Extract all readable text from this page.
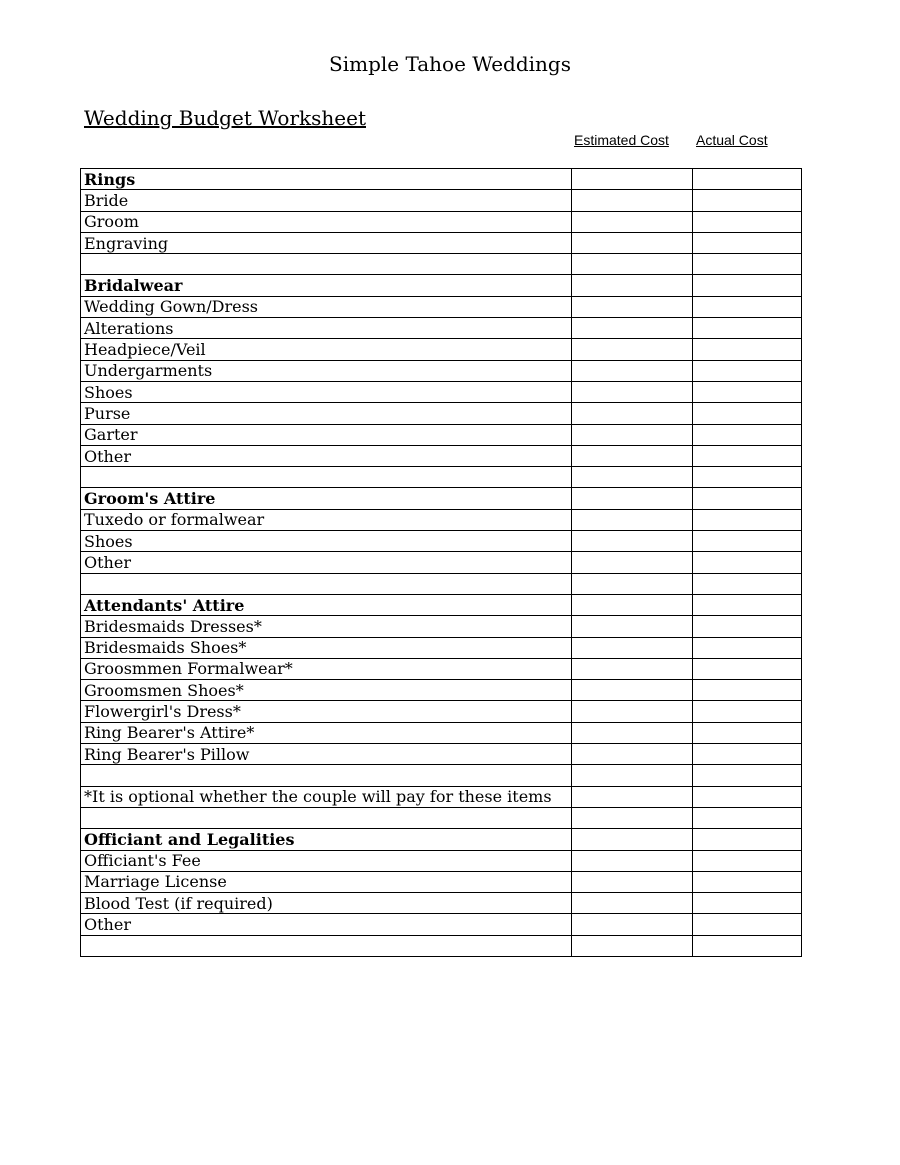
Simple Tahoe Weddings
Wedding Budget Worksheet
Estimated Cost Actual Cost
Rings		
Bride		
Groom		
Engraving		

Bridalwear		
Wedding Gown/Dress		
Alterations		
Headpiece/Veil		
Undergarments		
Shoes		
Purse		
Garter		
Other		

Groom's Attire		
Tuxedo or formalwear		
Shoes		
Other		

Attendants' Attire		
Bridesmaids Dresses*		
Bridesmaids Shoes*		
Groosmmen Formalwear*		
Groomsmen Shoes*		
Flowergirl's Dress*		
Ring Bearer's Attire*		
Ring Bearer's Pillow		

*It is optional whether the couple will pay for these items		

Officiant and Legalities		
Officiant's Fee		
Marriage License		
Blood Test (if required)		
Other		
